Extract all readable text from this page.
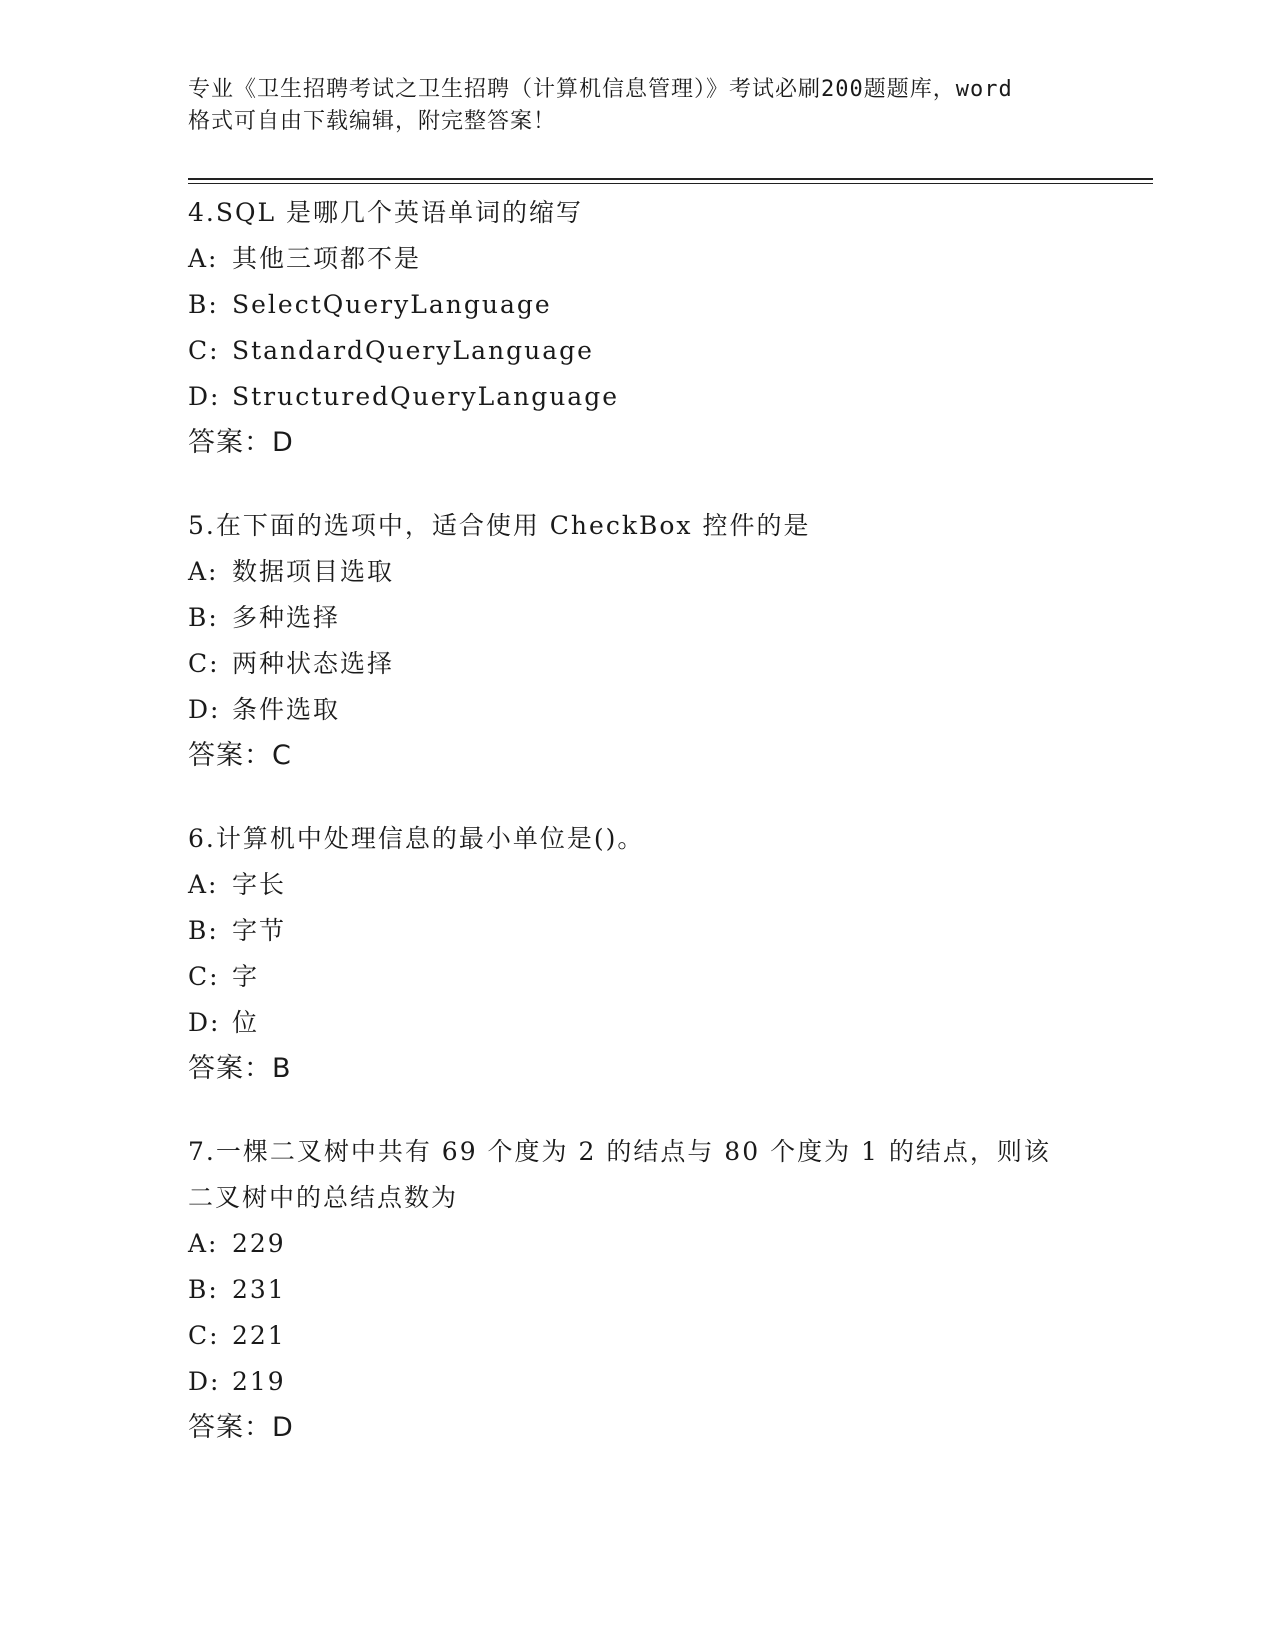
专业《卫生招聘考试之卫生招聘（计算机信息管理）》考试必刷200题题库，word
格式可自由下载编辑，附完整答案！
4.SQL 是哪几个英语单词的缩写
A: 其他三项都不是
B: SelectQueryLanguage
C: StandardQueryLanguage
D: StructuredQueryLanguage
答案：D
5.在下面的选项中，适合使用 CheckBox 控件的是
A: 数据项目选取
B: 多种选择
C: 两种状态选择
D: 条件选取
答案：C
6.计算机中处理信息的最小单位是()。
A: 字长
B: 字节
C: 字
D: 位
答案：B
7.一棵二叉树中共有 69 个度为 2 的结点与 80 个度为 1 的结点，则该
二叉树中的总结点数为
A: 229
B: 231
C: 221
D: 219
答案：D
